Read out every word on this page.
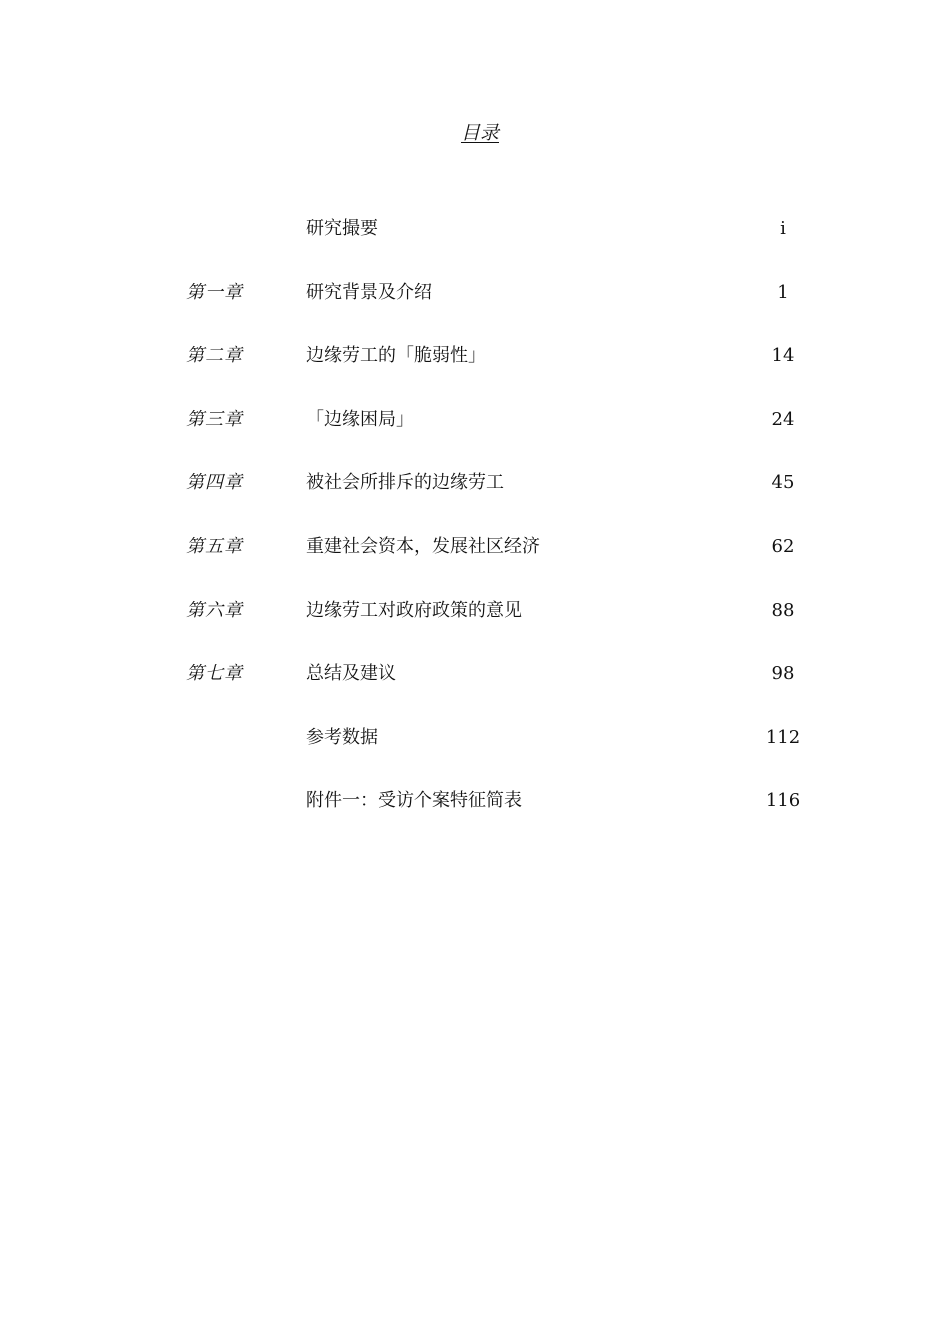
目录
研究撮要	i
第一章	研究背景及介绍	1
第二章	边缘劳工的「脆弱性」	14
第三章	「边缘困局」	24
第四章	被社会所排斥的边缘劳工	45
第五章	重建社会资本，发展社区经济	62
第六章	边缘劳工对政府政策的意见	88
第七章	总结及建议	98
参考数据	112
附件一：受访个案特征简表	116
